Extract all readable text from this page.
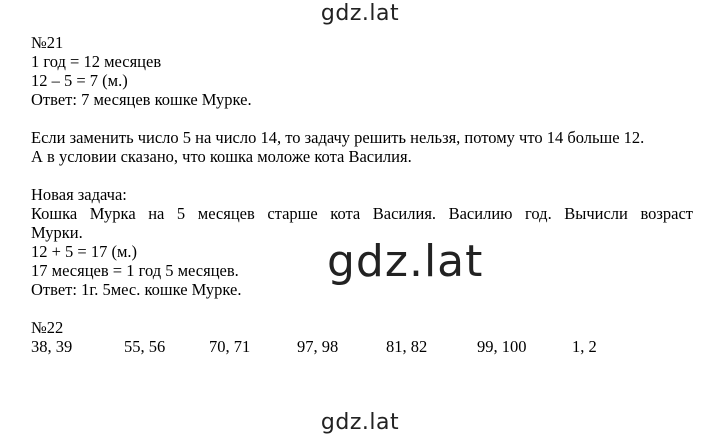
gdz.lat
№21
1 год = 12 месяцев
12 – 5 = 7 (м.)
Ответ: 7 месяцев кошке Мурке.
Если заменить число 5 на число 14, то задачу решить нельзя, потому что 14 больше 12.
А в условии сказано, что кошка моложе кота Василия.
Новая задача:
Кошка Мурка на 5 месяцев старше кота Василия. Василию год. Вычисли возраст
Мурки.
12 + 5 = 17 (м.)
17 месяцев = 1 год 5 месяцев.
Ответ: 1г. 5мес. кошке Мурке.
№22
38, 39	55, 56	70, 71	97, 98	81, 82	99, 100	1, 2
gdz.lat
gdz.lat
